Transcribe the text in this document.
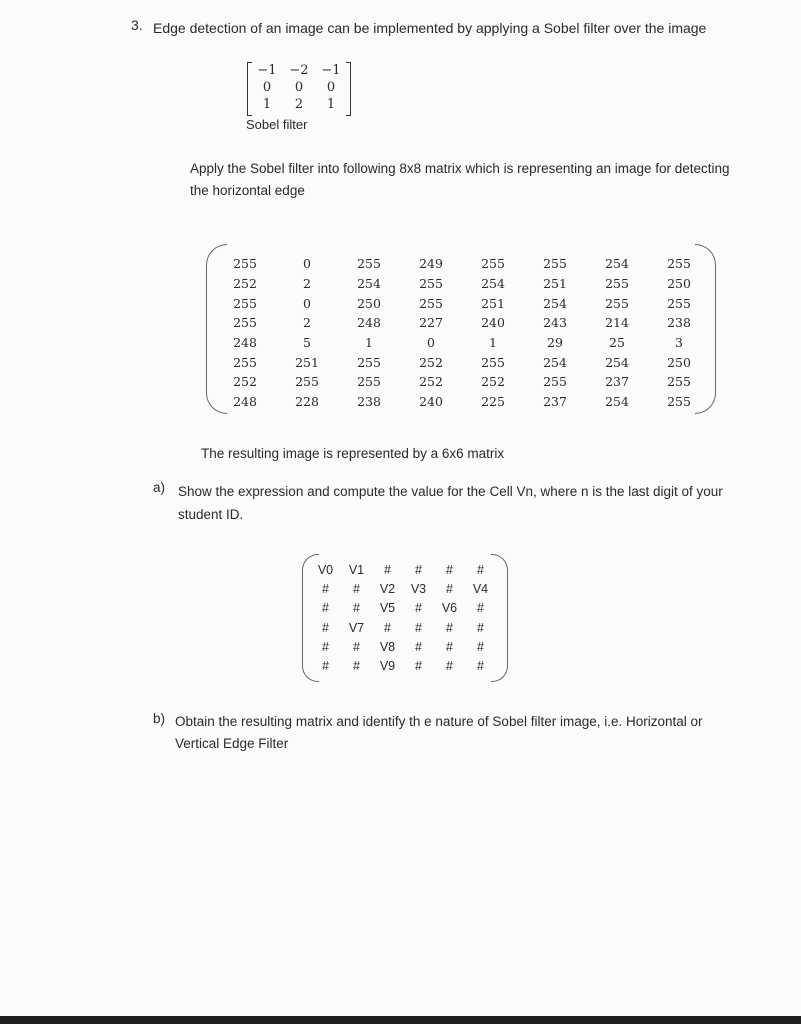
3. Edge detection of an image can be implemented by applying a Sobel filter over the image
−1	−2	−1
0	0	0
1	2	1
Sobel filter
Apply the Sobel filter into following 8x8 matrix which is representing an image for detecting the horizontal edge
255	0	255	249	255	255	254	255
252	2	254	255	254	251	255	250
255	0	250	255	251	254	255	255
255	2	248	227	240	243	214	238
248	5	1	0	1	29	25	3
255	251	255	252	255	254	254	250
252	255	255	252	252	255	237	255
248	228	238	240	225	237	254	255
The resulting image is represented by a 6x6 matrix
a) Show the expression and compute the value for the Cell Vn, where n is the last digit of your student ID.
V0	V1	#	#	#	#
#	#	V2	V3	#	V4
#	#	V5	#	V6	#
#	V7	#	#	#	#
#	#	V8	#	#	#
#	#	V9	#	#	#
b) Obtain the resulting matrix and identify th e nature of Sobel filter image, i.e. Horizontal or Vertical Edge Filter
